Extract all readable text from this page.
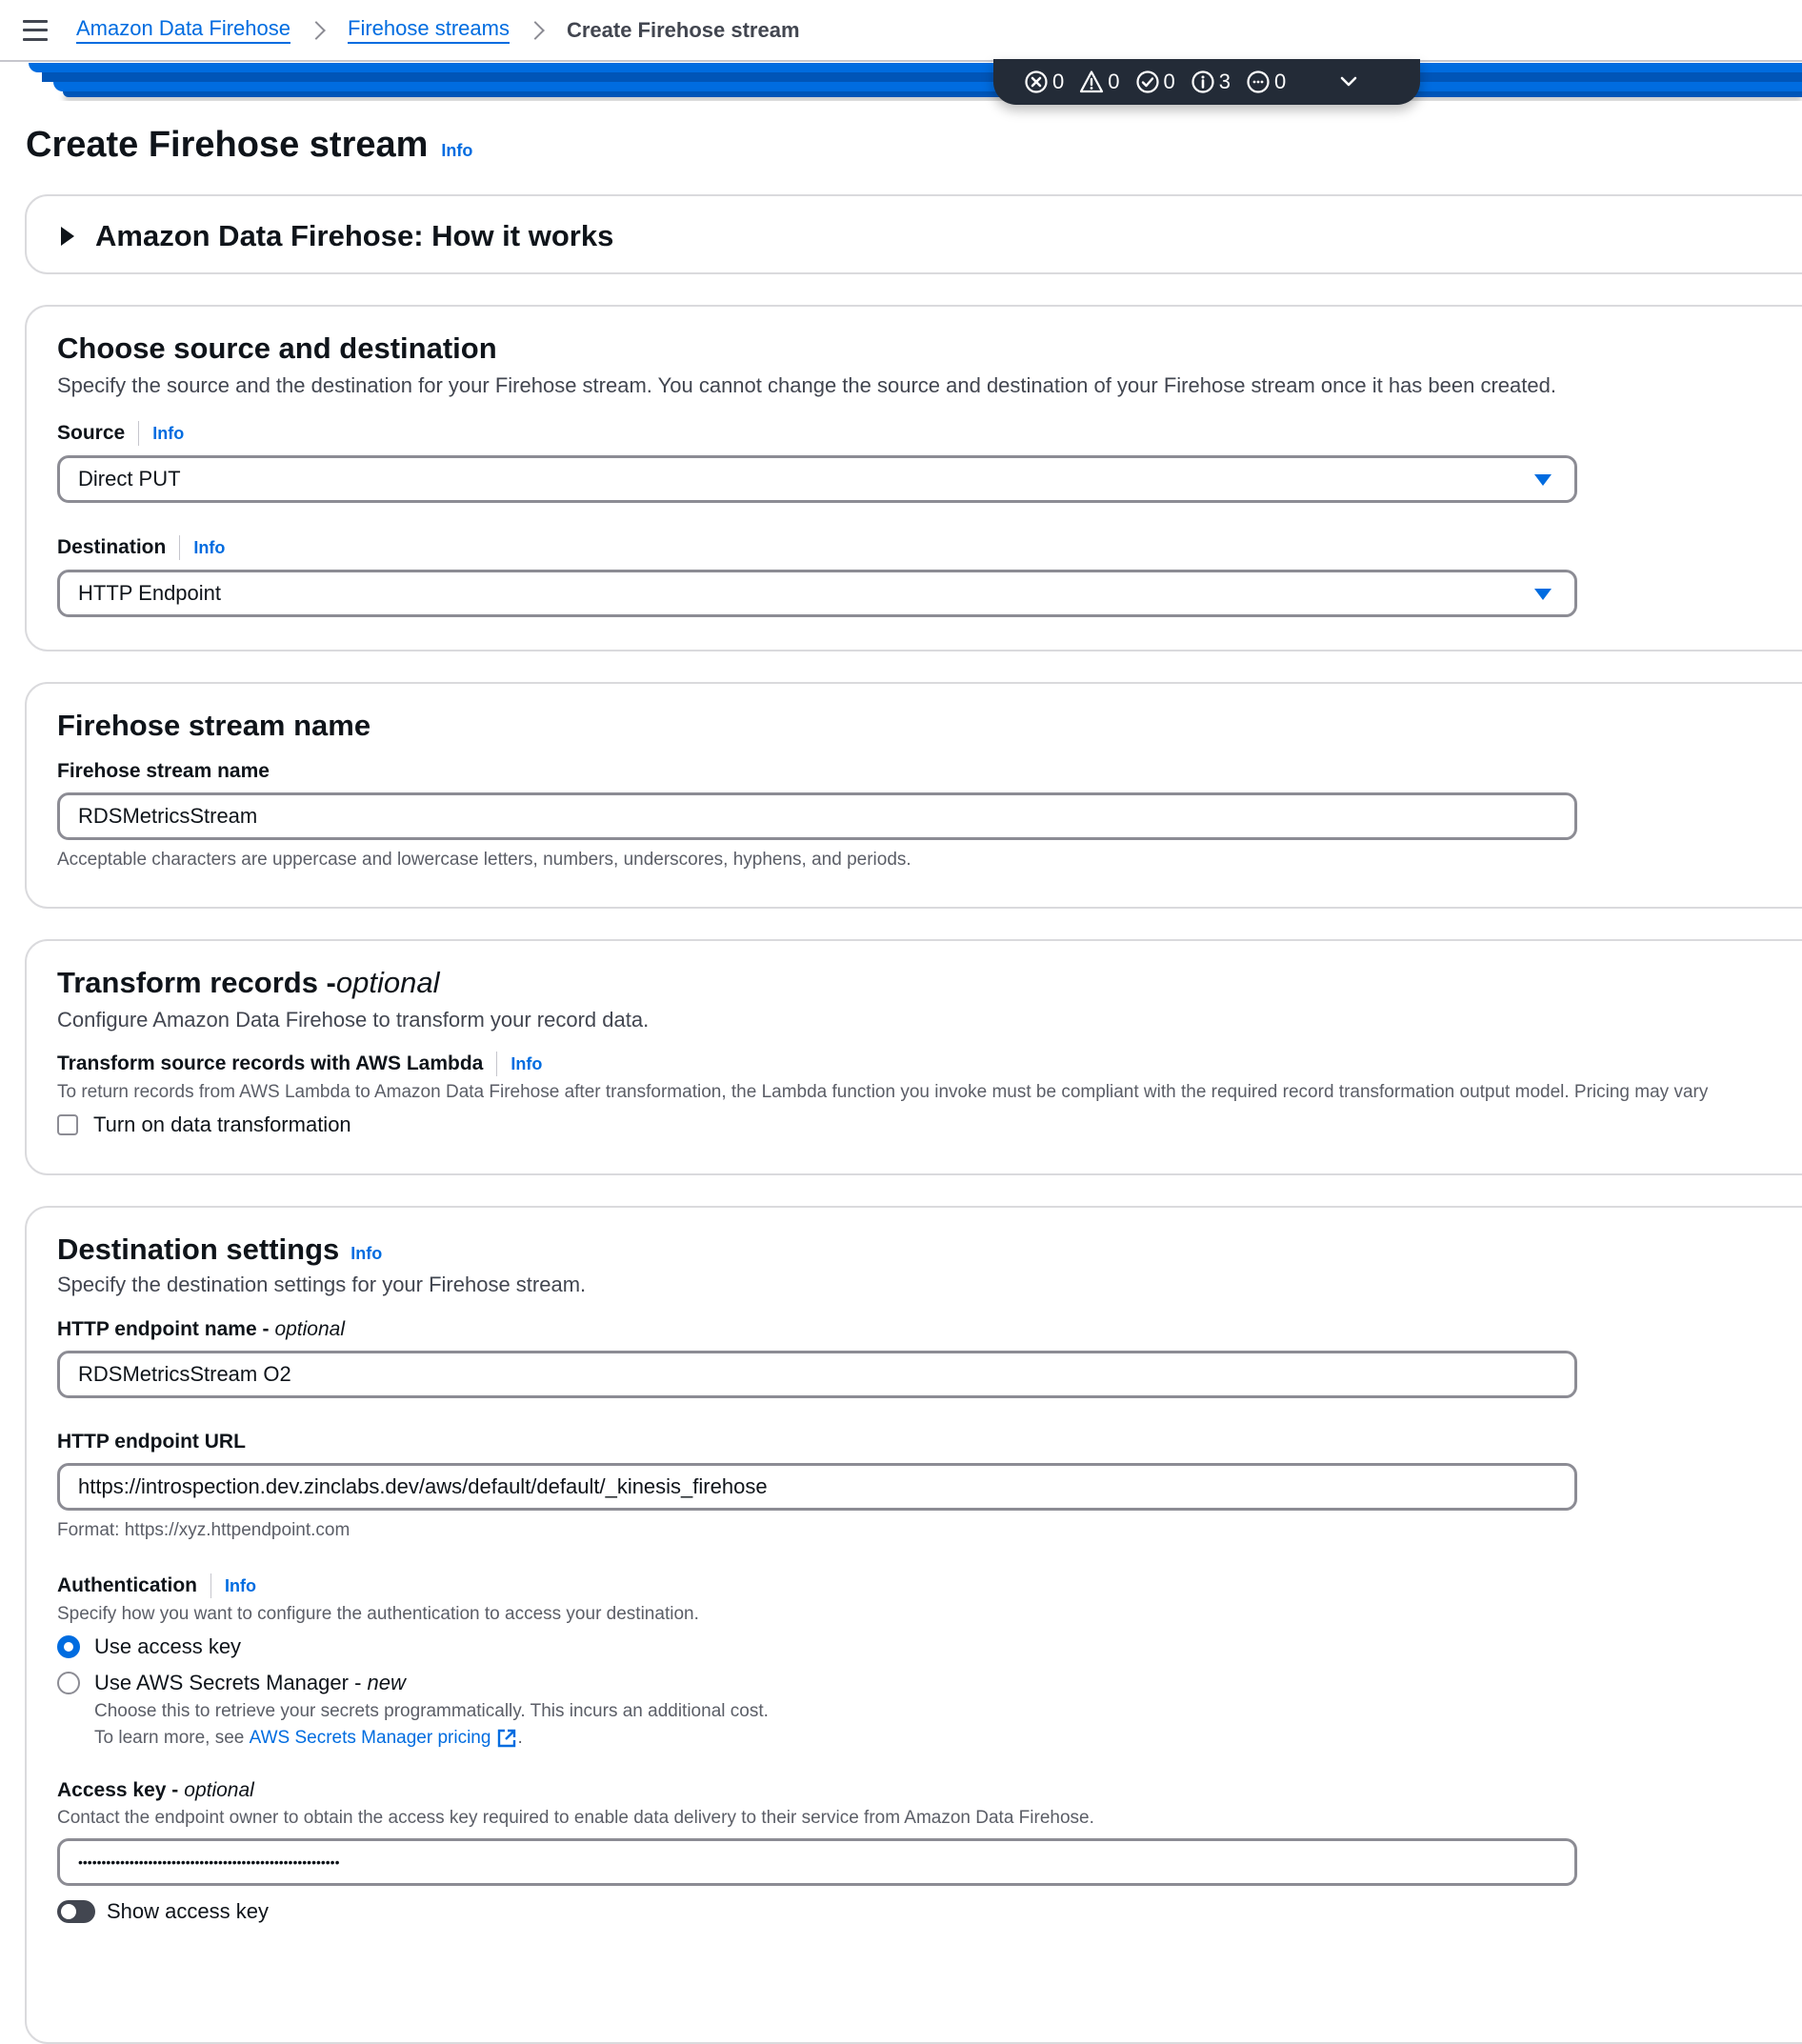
Amazon Data Firehose	Firehose streams	Create Firehose stream
0 0 0 3 0
Create Firehose stream Info
Amazon Data Firehose: How it works
Choose source and destination
Specify the source and the destination for your Firehose stream. You cannot change the source and destination of your Firehose stream once it has been created.
Source Info
Direct PUT
Destination Info
HTTP Endpoint
Firehose stream name
Firehose stream name
RDSMetricsStream
Acceptable characters are uppercase and lowercase letters, numbers, underscores, hyphens, and periods.
Transform records - optional
Configure Amazon Data Firehose to transform your record data.
Transform source records with AWS Lambda Info
To return records from AWS Lambda to Amazon Data Firehose after transformation, the Lambda function you invoke must be compliant with the required record transformation output model. Pricing may vary
Turn on data transformation
Destination settings Info
Specify the destination settings for your Firehose stream.
HTTP endpoint name - optional
RDSMetricsStream O2
HTTP endpoint URL
https://introspection.dev.zinclabs.dev/aws/default/default/_kinesis_firehose
Format: https://xyz.httpendpoint.com
Authentication Info
Specify how you want to configure the authentication to access your destination.
Use access key
Use AWS Secrets Manager - new
Choose this to retrieve your secrets programmatically. This incurs an additional cost.
To learn more, see AWS Secrets Manager pricing .
Access key - optional
Contact the endpoint owner to obtain the access key required to enable data delivery to their service from Amazon Data Firehose.
••••••••••••••••••••••••••••••••••••••••••••••••••••••••
Show access key
